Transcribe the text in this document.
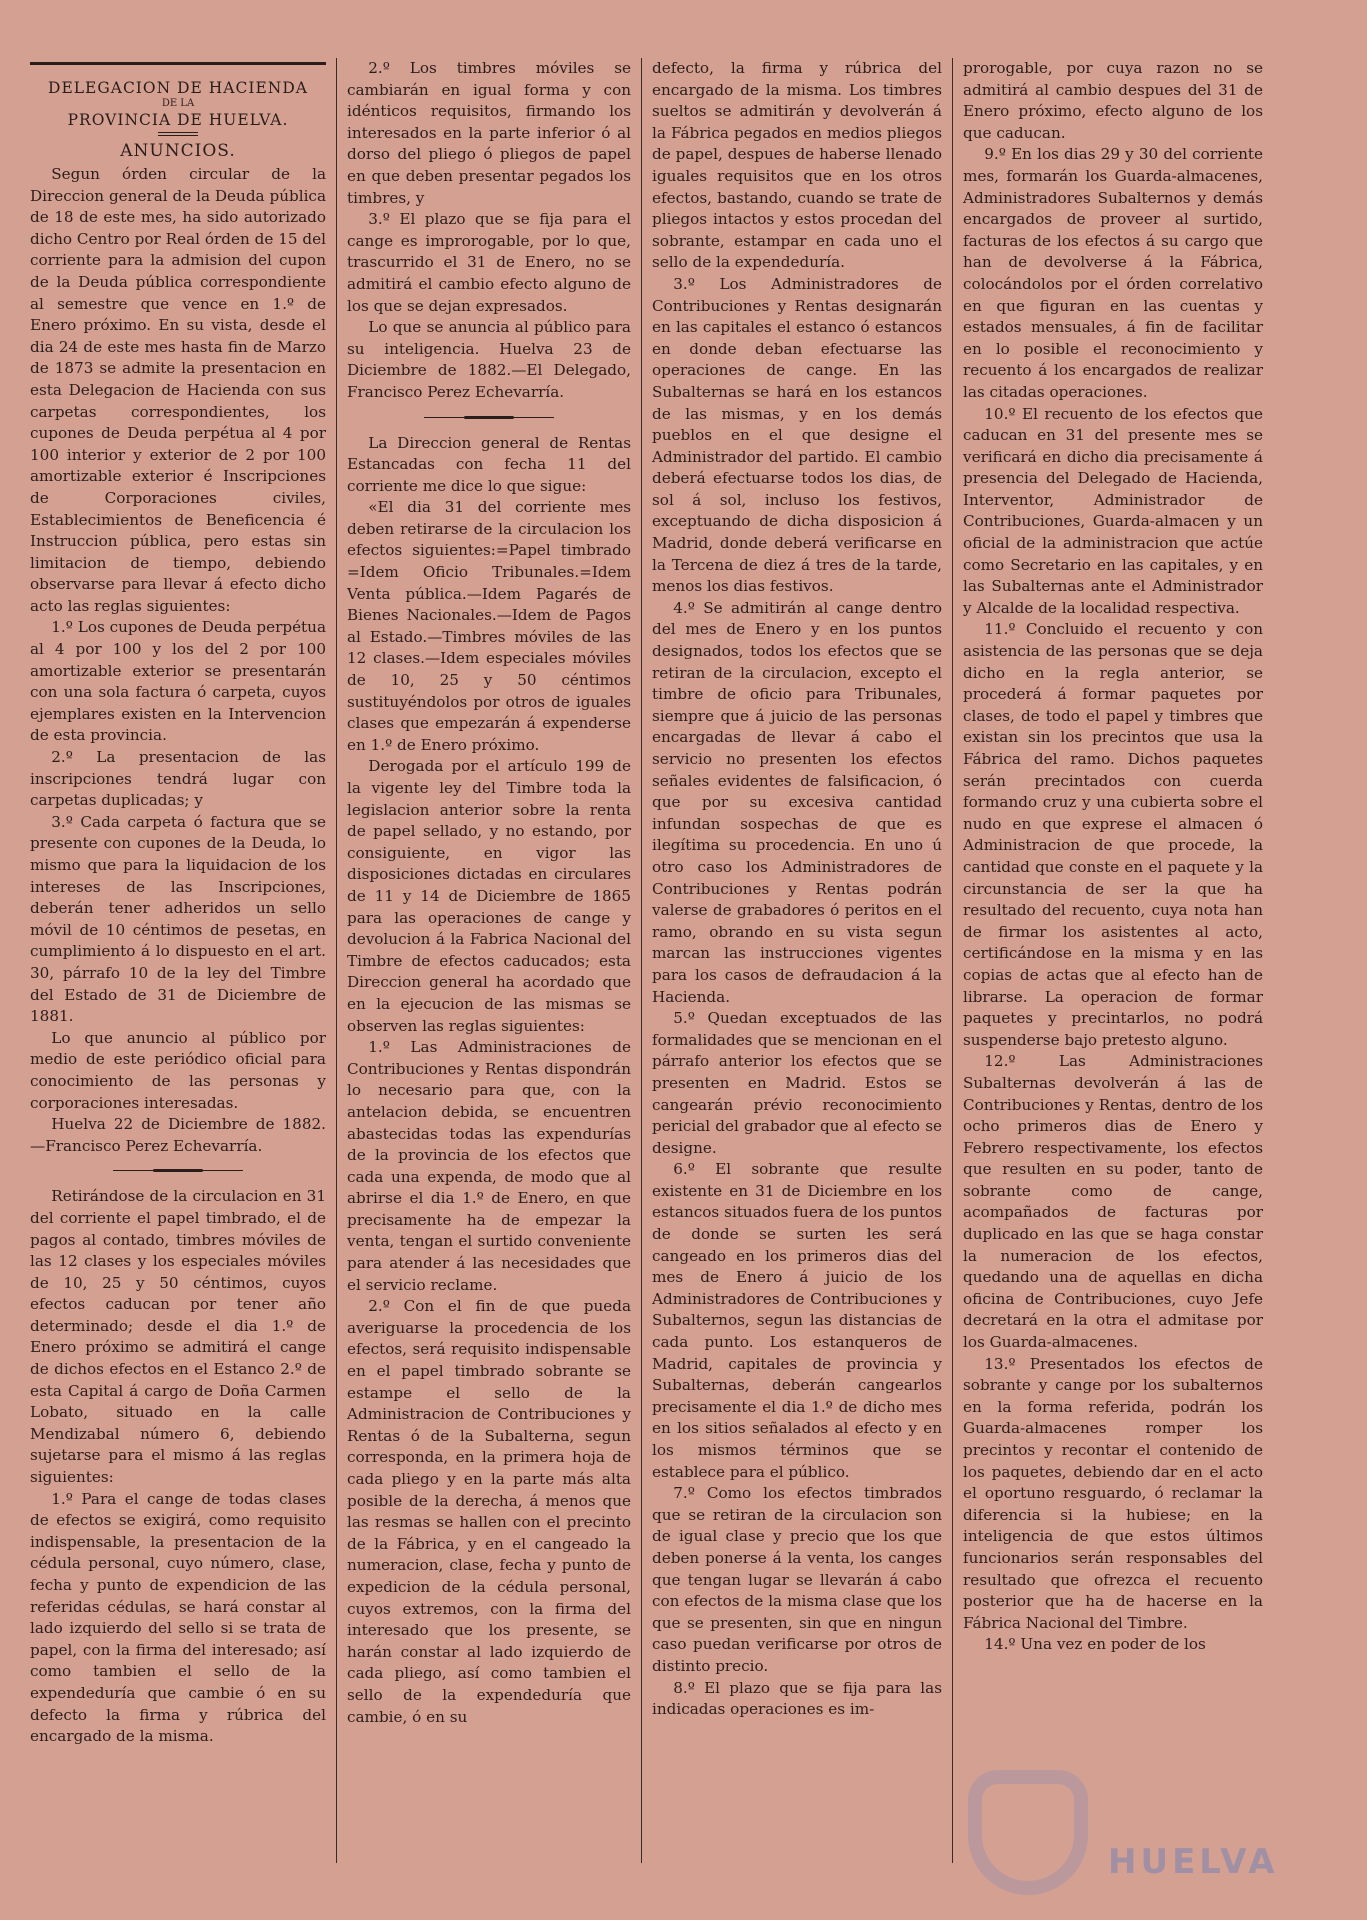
DELEGACION DE HACIENDA
DE LA
PROVINCIA DE HUELVA.
ANUNCIOS.

Segun órden circular de la Direccion general de la Deuda pública de 18 de este mes, ha sido autorizado dicho Centro por Real órden de 15 del corriente para la admision del cupon de la Deuda pública correspondiente al semestre que vence en 1.º de Enero próximo. En su vista, desde el dia 24 de este mes hasta fin de Marzo de 1873 se admite la presentacion en esta Delegacion de Hacienda con sus carpetas correspondientes, los cupones de Deuda perpétua al 4 por 100 interior y exterior de 2 por 100 amortizable exterior é Inscripciones de Corporaciones civiles, Establecimientos de Beneficencia é Instruccion pública, pero estas sin limitacion de tiempo, debiendo observarse para llevar á efecto dicho acto las reglas siguientes:

1.º Los cupones de Deuda perpétua al 4 por 100 y los del 2 por 100 amortizable exterior se presentarán con una sola factura ó carpeta, cuyos ejemplares existen en la Intervencion de esta provincia.

2.º La presentacion de las inscripciones tendrá lugar con carpetas duplicadas; y

3.º Cada carpeta ó factura que se presente con cupones de la Deuda, lo mismo que para la liquidacion de los intereses de las Inscripciones, deberán tener adheridos un sello móvil de 10 céntimos de pesetas, en cumplimiento á lo dispuesto en el art. 30, párrafo 10 de la ley del Timbre del Estado de 31 de Diciembre de 1881.

Lo que anuncio al público por medio de este periódico oficial para conocimiento de las personas y corporaciones interesadas.

Huelva 22 de Diciembre de 1882. —Francisco Perez Echevarría.

Retirándose de la circulacion en 31 del corriente el papel timbrado, el de pagos al contado, timbres móviles de las 12 clases y los especiales móviles de 10, 25 y 50 céntimos, cuyos efectos caducan por tener año determinado; desde el dia 1.º de Enero próximo se admitirá el cange de dichos efectos en el Estanco 2.º de esta Capital á cargo de Doña Carmen Lobato, situado en la calle Mendizabal número 6, debiendo sujetarse para el mismo á las reglas siguientes:

1.º Para el cange de todas clases de efectos se exigirá, como requisito indispensable, la presentacion de la cédula personal, cuyo número, clase, fecha y punto de expendicion de las referidas cédulas, se hará constar al lado izquierdo del sello si se trata de papel, con la firma del interesado; así como tambien el sello de la expendeduría que cambie ó en su defecto la firma y rúbrica del encargado de la misma.

2.º Los timbres móviles se cambiarán en igual forma y con idénticos requisitos, firmando los interesados en la parte inferior ó al dorso del pliego ó pliegos de papel en que deben presentar pegados los timbres, y

3.º El plazo que se fija para el cange es improrogable, por lo que, trascurrido el 31 de Enero, no se admitirá el cambio efecto alguno de los que se dejan expresados.

Lo que se anuncia al público para su inteligencia. Huelva 23 de Diciembre de 1882.—El Delegado, Francisco Perez Echevarría.

La Direccion general de Rentas Estancadas con fecha 11 del corriente me dice lo que sigue:

«El dia 31 del corriente mes deben retirarse de la circulacion los efectos siguientes:=Papel timbrado =Idem Oficio Tribunales.=Idem Venta pública.—Idem Pagarés de Bienes Nacionales.—Idem de Pagos al Estado.—Timbres móviles de las 12 clases.—Idem especiales móviles de 10, 25 y 50 céntimos sustituyéndolos por otros de iguales clases que empezarán á expenderse en 1.º de Enero próximo.

Derogada por el artículo 199 de la vigente ley del Timbre toda la legislacion anterior sobre la renta de papel sellado, y no estando, por consiguiente, en vigor las disposiciones dictadas en circulares de 11 y 14 de Diciembre de 1865 para las operaciones de cange y devolucion á la Fabrica Nacional del Timbre de efectos caducados; esta Direccion general ha acordado que en la ejecucion de las mismas se observen las reglas siguientes:

1.º Las Administraciones de Contribuciones y Rentas dispondrán lo necesario para que, con la antelacion debida, se encuentren abastecidas todas las expendurías de la provincia de los efectos que cada una expenda, de modo que al abrirse el dia 1.º de Enero, en que precisamente ha de empezar la venta, tengan el surtido conveniente para atender á las necesidades que el servicio reclame.

2.º Con el fin de que pueda averiguarse la procedencia de los efectos, será requisito indispensable en el papel timbrado sobrante se estampe el sello de la Administracion de Contribuciones y Rentas ó de la Subalterna, segun corresponda, en la primera hoja de cada pliego y en la parte más alta posible de la derecha, á menos que las resmas se hallen con el precinto de la Fábrica, y en el cangeado la numeracion, clase, fecha y punto de expedicion de la cédula personal, cuyos extremos, con la firma del interesado que los presente, se harán constar al lado izquierdo de cada pliego, así como tambien el sello de la expendeduría que cambie, ó en su

defecto, la firma y rúbrica del encargado de la misma. Los timbres sueltos se admitirán y devolverán á la Fábrica pegados en medios pliegos de papel, despues de haberse llenado iguales requisitos que en los otros efectos, bastando, cuando se trate de pliegos intactos y estos procedan del sobrante, estampar en cada uno el sello de la expendeduría.

3.º Los Administradores de Contribuciones y Rentas designarán en las capitales el estanco ó estancos en donde deban efectuarse las operaciones de cange. En las Subalternas se hará en los estancos de las mismas, y en los demás pueblos en el que designe el Administrador del partido. El cambio deberá efectuarse todos los dias, de sol á sol, incluso los festivos, exceptuando de dicha disposicion á Madrid, donde deberá verificarse en la Tercena de diez á tres de la tarde, menos los dias festivos.

4.º Se admitirán al cange dentro del mes de Enero y en los puntos designados, todos los efectos que se retiran de la circulacion, excepto el timbre de oficio para Tribunales, siempre que á juicio de las personas encargadas de llevar á cabo el servicio no presenten los efectos señales evidentes de falsificacion, ó que por su excesiva cantidad infundan sospechas de que es ilegítima su procedencia. En uno ú otro caso los Administradores de Contribuciones y Rentas podrán valerse de grabadores ó peritos en el ramo, obrando en su vista segun marcan las instrucciones vigentes para los casos de defraudacion á la Hacienda.

5.º Quedan exceptuados de las formalidades que se mencionan en el párrafo anterior los efectos que se presenten en Madrid. Estos se cangearán prévio reconocimiento pericial del grabador que al efecto se designe.

6.º El sobrante que resulte existente en 31 de Diciembre en los estancos situados fuera de los puntos de donde se surten les será cangeado en los primeros dias del mes de Enero á juicio de los Administradores de Contribuciones y Subalternos, segun las distancias de cada punto. Los estanqueros de Madrid, capitales de provincia y Subalternas, deberán cangearlos precisamente el dia 1.º de dicho mes en los sitios señalados al efecto y en los mismos términos que se establece para el público.

7.º Como los efectos timbrados que se retiran de la circulacion son de igual clase y precio que los que deben ponerse á la venta, los canges que tengan lugar se llevarán á cabo con efectos de la misma clase que los que se presenten, sin que en ningun caso puedan verificarse por otros de distinto precio.

8.º El plazo que se fija para las indicadas operaciones es im-

prorogable, por cuya razon no se admitirá al cambio despues del 31 de Enero próximo, efecto alguno de los que caducan.

9.º En los dias 29 y 30 del corriente mes, formarán los Guarda-almacenes, Administradores Subalternos y demás encargados de proveer al surtido, facturas de los efectos á su cargo que han de devolverse á la Fábrica, colocándolos por el órden correlativo en que figuran en las cuentas y estados mensuales, á fin de facilitar en lo posible el reconocimiento y recuento á los encargados de realizar las citadas operaciones.

10.º El recuento de los efectos que caducan en 31 del presente mes se verificará en dicho dia precisamente á presencia del Delegado de Hacienda, Interventor, Administrador de Contribuciones, Guarda-almacen y un oficial de la administracion que actúe como Secretario en las capitales, y en las Subalternas ante el Administrador y Alcalde de la localidad respectiva.

11.º Concluido el recuento y con asistencia de las personas que se deja dicho en la regla anterior, se procederá á formar paquetes por clases, de todo el papel y timbres que existan sin los precintos que usa la Fábrica del ramo. Dichos paquetes serán precintados con cuerda formando cruz y una cubierta sobre el nudo en que exprese el almacen ó Administracion de que procede, la cantidad que conste en el paquete y la circunstancia de ser la que ha resultado del recuento, cuya nota han de firmar los asistentes al acto, certificándose en la misma y en las copias de actas que al efecto han de librarse. La operacion de formar paquetes y precintarlos, no podrá suspenderse bajo pretesto alguno.

12.º Las Administraciones Subalternas devolverán á las de Contribuciones y Rentas, dentro de los ocho primeros dias de Enero y Febrero respectivamente, los efectos que resulten en su poder, tanto de sobrante como de cange, acompañados de facturas por duplicado en las que se haga constar la numeracion de los efectos, quedando una de aquellas en dicha oficina de Contribuciones, cuyo Jefe decretará en la otra el admitase por los Guarda-almacenes.

13.º Presentados los efectos de sobrante y cange por los subalternos en la forma referida, podrán los Guarda-almacenes romper los precintos y recontar el contenido de los paquetes, debiendo dar en el acto el oportuno resguardo, ó reclamar la diferencia si la hubiese; en la inteligencia de que estos últimos funcionarios serán responsables del resultado que ofrezca el recuento posterior que ha de hacerse en la Fábrica Nacional del Timbre.

14.º Una vez en poder de los

HUELVA
